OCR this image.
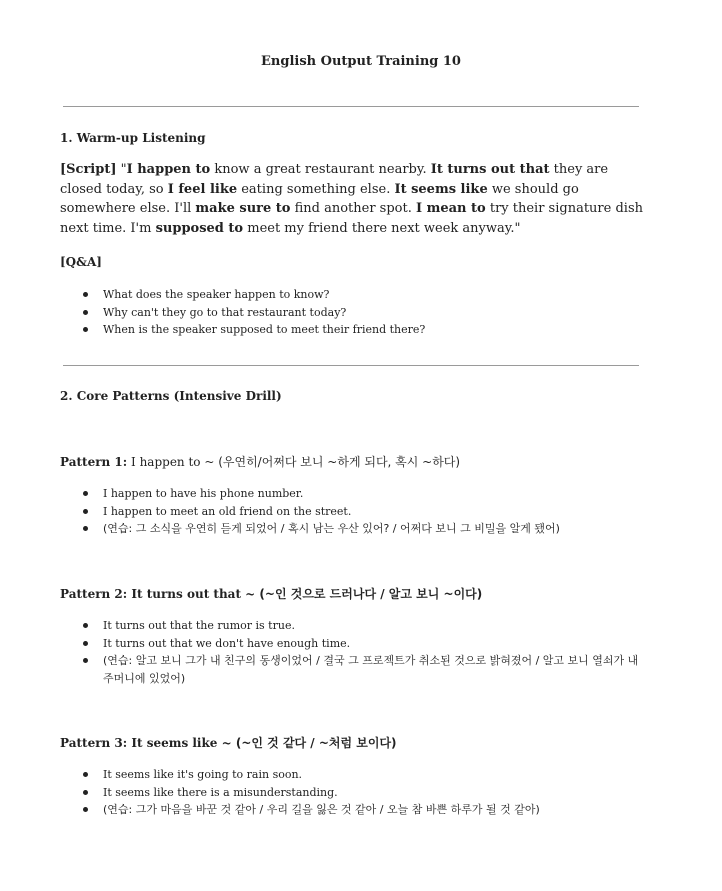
English Output Training 10

1. Warm-up Listening

[Script] "I happen to know a great restaurant nearby. It turns out that they are closed today, so I feel like eating something else. It seems like we should go somewhere else. I'll make sure to find another spot. I mean to try their signature dish next time. I'm supposed to meet my friend there next week anyway."

[Q&A]

What does the speaker happen to know?
Why can't they go to that restaurant today?
When is the speaker supposed to meet their friend there?

2. Core Patterns (Intensive Drill)

Pattern 1: I happen to ~ (우연히/어쩌다 보니 ~하게 되다, 혹시 ~하다)

I happen to have his phone number.
I happen to meet an old friend on the street.
(연습: 그 소식을 우연히 듣게 되었어 / 혹시 남는 우산 있어? / 어쩌다 보니 그 비밀을 알게 됐어)

Pattern 2: It turns out that ~ (~인 것으로 드러나다 / 알고 보니 ~이다)

It turns out that the rumor is true.
It turns out that we don't have enough time.
(연습: 알고 보니 그가 내 친구의 동생이었어 / 결국 그 프로젝트가 취소된 것으로 밝혀졌어 / 알고 보니 열쇠가 내 주머니에 있었어)

Pattern 3: It seems like ~ (~인 것 같다 / ~처럼 보이다)

It seems like it's going to rain soon.
It seems like there is a misunderstanding.
(연습: 그가 마음을 바꾼 것 같아 / 우리 길을 잃은 것 같아 / 오늘 참 바쁜 하루가 될 것 같아)
